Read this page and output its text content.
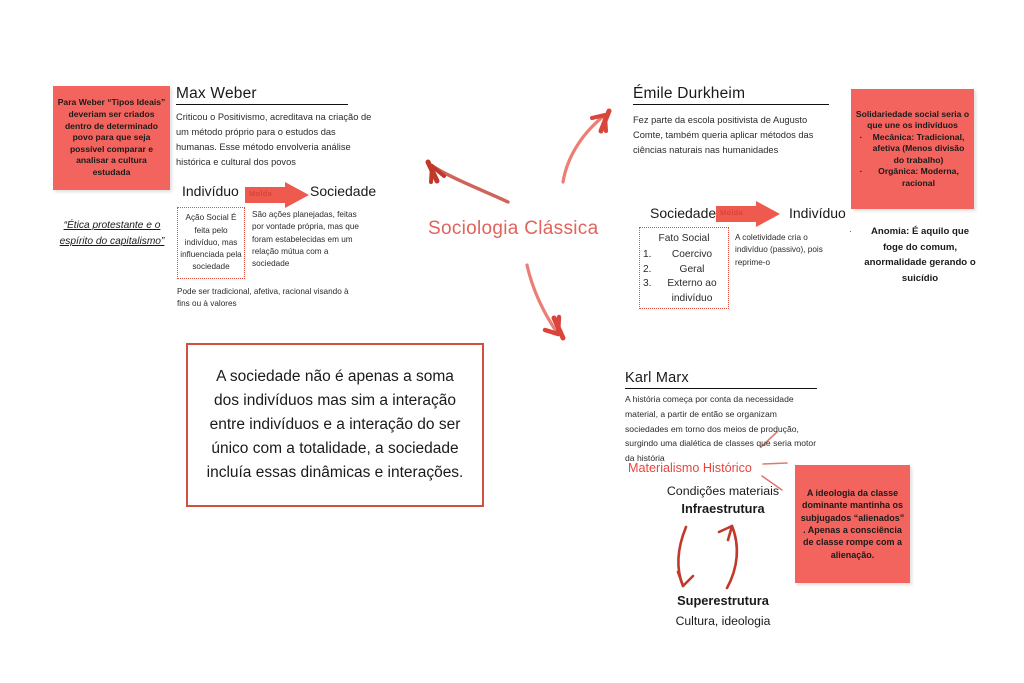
Max Weber
Criticou o Positivismo, acreditava na criação de um método próprio para o estudos das humanas. Esse método envolveria análise histórica e cultural dos povos
Para Weber “Tipos Ideais” deveriam ser criados dentro de determinado povo para que seja possível comparar e analisar a cultura estudada
“Ética protestante e o espírito do capitalismo”
Indivíduo Molda	Sociedade
Ação Social É feita pelo indivíduo, mas influenciada pela sociedade
São ações planejadas, feitas por vontade própria, mas que foram estabelecidas em um relação mútua com a sociedade
Pode ser tradicional, afetiva, racional visando à fins ou à valores
Sociologia Clássica
A sociedade não é apenas a soma dos indivíduos mas sim a interação entre indivíduos e a interação do ser único com a totalidade, a sociedade incluía essas dinâmicas e interações.
Émile Durkheim
Fez parte da escola positivista de Augusto Comte, também queria aplicar métodos das ciências naturais nas humanidades
Solidariedade social seria o que une os indivíduos
·	Mecânica: Tradicional, afetiva (Menos divisão do trabalho)
·	Orgânica: Moderna, racional
·	Anomia: É aquilo que foge do comum, anormalidade gerando o suicídio
Sociedade Molda	Indivíduo
Fato Social
1.	Coercivo
2.	Geral
3.	Externo ao indivíduo
A coletividade cria o indivíduo (passivo), pois reprime-o
Karl Marx
A história começa por conta da necessidade material, a partir de então se organizam sociedades em torno dos meios de produção, surgindo uma dialética de classes que seria motor da história
Materialismo Histórico
Condições materiais
Infraestrutura
Superestrutura
Cultura, ideologia
A ideologia da classe dominante mantinha os subjugados “alienados” . Apenas a consciência de classe rompe com a alienação.
